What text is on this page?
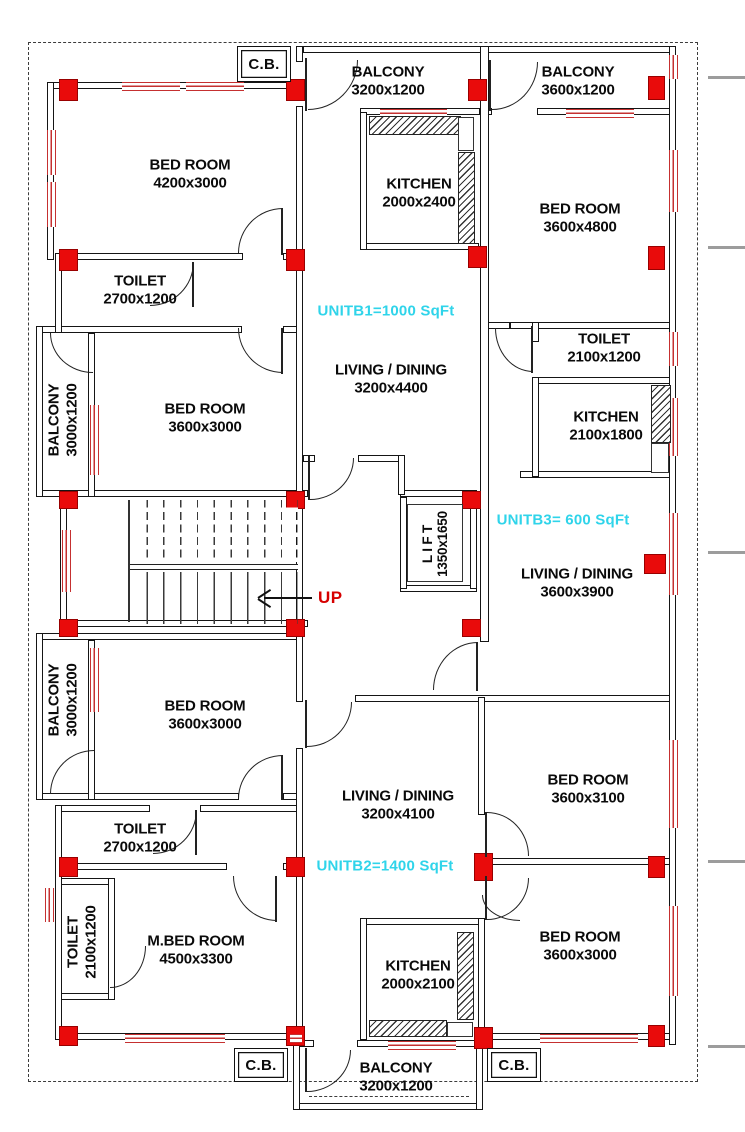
UP
L I F T 1350x1650
UNITB1=1000 SqFt
UNITB3= 600 SqFt
UNITB2=1400 SqFt
C.B.
C.B.	C.B.
BED ROOM
4200x3000
BALCONY
3200x1200
KITCHEN
2000x2400
BALCONY
3600x1200
BED ROOM
3600x4800
TOILET
2700x1200
LIVING / DINING
3200x4400
BALCONY 3000x1200	BED ROOM
3600x3000
TOILET
2100x1200
KITCHEN
2100x1800
LIVING / DINING
3600x3900
BALCONY 3000x1200	BED ROOM
3600x3000
LIVING / DINING
3200x4100
BED ROOM
3600x3100
TOILET
2700x1200
TOILET 2100x1200	M.BED ROOM
4500x3300	KITCHEN
2000x2100
BED ROOM
3600x3000
BALCONY
3200x1200
